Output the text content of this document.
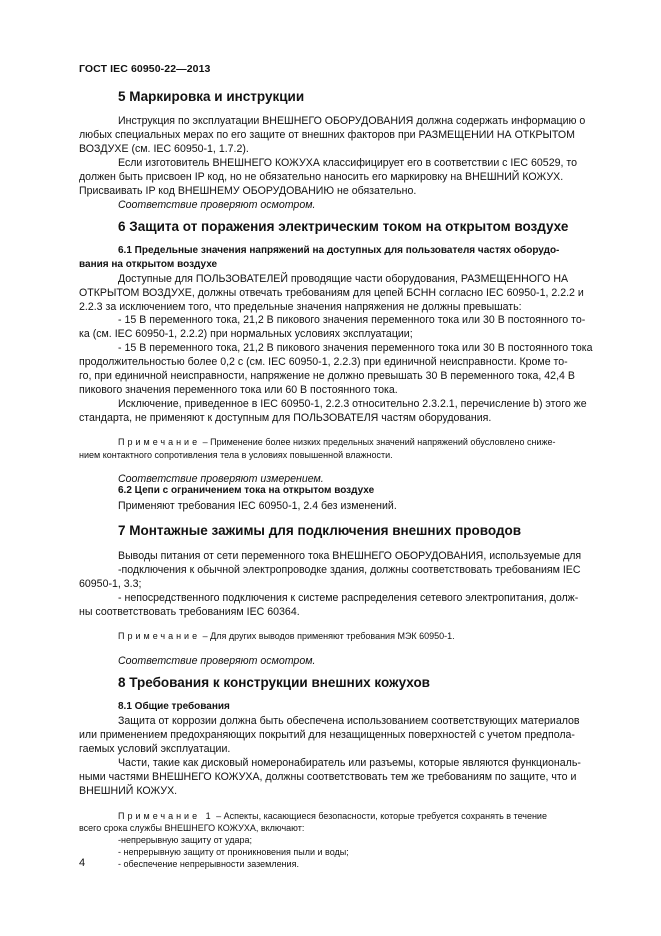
ГОСТ IEC 60950-22—2013
5 Маркировка и инструкции
Инструкция по эксплуатации ВНЕШНЕГО ОБОРУДОВАНИЯ должна содержать информацию о
любых специальных мерах по его защите от внешних факторов при РАЗМЕЩЕНИИ НА ОТКРЫТОМ
ВОЗДУХЕ (см. IEC 60950-1, 1.7.2).
Если изготовитель ВНЕШНЕГО КОЖУХА классифицирует его в соответствии с IEC 60529, то
должен быть присвоен IP код, но не обязательно наносить его маркировку на ВНЕШНИЙ КОЖУХ.
Присваивать IP код ВНЕШНЕМУ ОБОРУДОВАНИЮ не обязательно.
Соответствие проверяют осмотром.
6 Защита от поражения электрическим током на открытом воздухе
6.1 Предельные значения напряжений на доступных для пользователя частях оборудо-
вания на открытом воздухе
Доступные для ПОЛЬЗОВАТЕЛЕЙ проводящие части оборудования, РАЗМЕЩЕННОГО НА
ОТКРЫТОМ ВОЗДУХЕ, должны отвечать требованиям для цепей БСНН согласно IEC 60950-1, 2.2.2 и
2.2.3 за исключением того, что предельные значения напряжения не должны превышать:
- 15 В переменного тока, 21,2 В пикового значения переменного тока или 30 В постоянного то-
ка (см. IEC 60950-1, 2.2.2) при нормальных условиях эксплуатации;
- 15 В переменного тока, 21,2 В пикового значения переменного тока или 30 В постоянного тока
продолжительностью более 0,2 с (см. IEC 60950-1, 2.2.3) при единичной неисправности. Кроме то-
го, при единичной неисправности, напряжение не должно превышать 30 В переменного тока, 42,4 В
пикового значения переменного тока или 60 В постоянного тока.
Исключение, приведенное в IEC 60950-1, 2.2.3 относительно 2.3.2.1, перечисление b) этого же
стандарта, не применяют к доступным для ПОЛЬЗОВАТЕЛЯ частям оборудования.
Примечание – Применение более низких предельных значений напряжений обусловлено сниже-
нием контактного сопротивления тела в условиях повышенной влажности.
Соответствие проверяют измерением.
6.2 Цепи с ограничением тока на открытом воздухе
Применяют требования IEC 60950-1, 2.4 без изменений.
7 Монтажные зажимы для подключения внешних проводов
Выводы питания от сети переменного тока ВНЕШНЕГО ОБОРУДОВАНИЯ, используемые для
-подключения к обычной электропроводке здания, должны соответствовать требованиям IEC
60950-1, 3.3;
- непосредственного подключения к системе распределения сетевого электропитания, долж-
ны соответствовать требованиям IEC 60364.
Примечание – Для других выводов применяют требования МЭК 60950-1.
Соответствие проверяют осмотром.
8 Требования к конструкции внешних кожухов
8.1 Общие требования
Защита от коррозии должна быть обеспечена использованием соответствующих материалов
или применением предохраняющих покрытий для незащищенных поверхностей с учетом предпола-
гаемых условий эксплуатации.
Части, такие как дисковый номеронабиратель или разъемы, которые являются функциональ-
ными частями ВНЕШНЕГО КОЖУХА, должны соответствовать тем же требованиям по защите, что и
ВНЕШНИЙ КОЖУХ.
Примечание 1 – Аспекты, касающиеся безопасности, которые требуется сохранять в течение
всего срока службы ВНЕШНЕГО КОЖУХА, включают:
-непрерывную защиту от удара;
- непрерывную защиту от проникновения пыли и воды;
- обеспечение непрерывности заземления.
4
